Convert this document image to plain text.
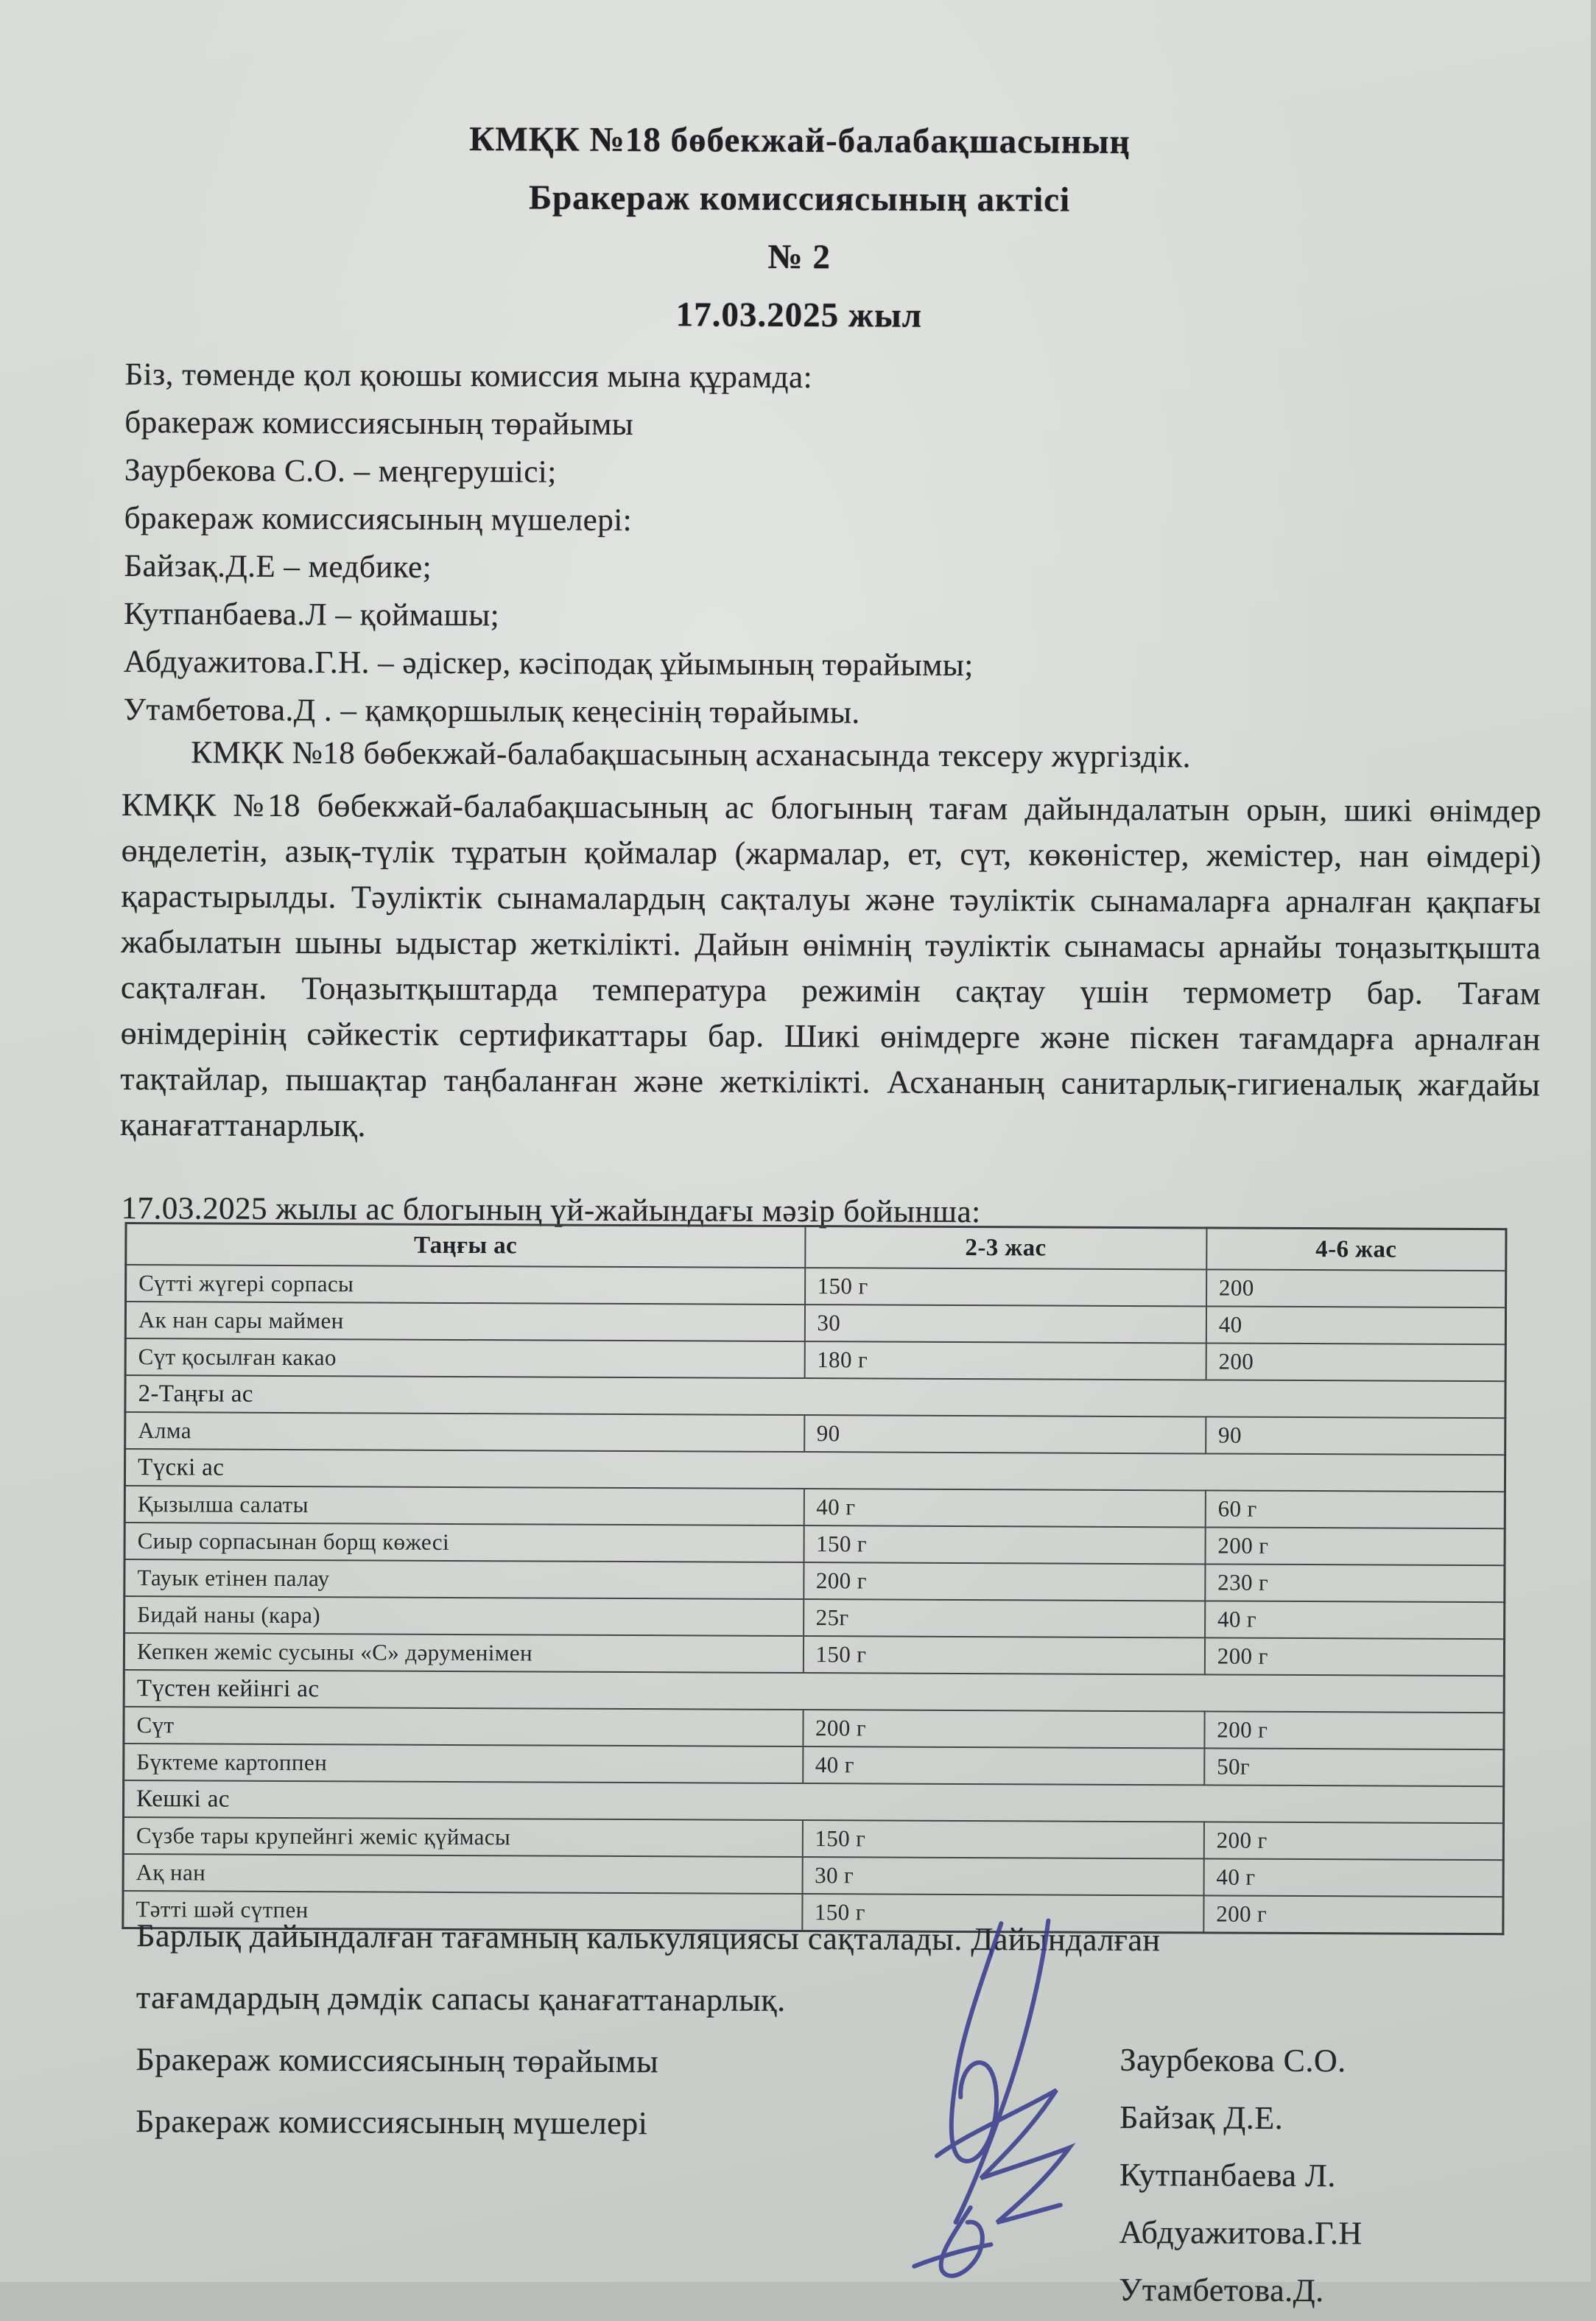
КМҚК №18 бөбекжай-балабақшасының
Бракераж комиссиясының актісі
№ 2
17.03.2025 жыл
Біз, төменде қол қоюшы комиссия мына құрамда:
бракераж комиссиясының төрайымы
Заурбекова С.О. – меңгерушісі;
бракераж комиссиясының мүшелері:
Байзақ.Д.Е – медбике;
Кутпанбаева.Л – қоймашы;
Абдуажитова.Г.Н. – әдіскер, кәсіподақ ұйымының төрайымы;
Утамбетова.Д . – қамқоршылық кеңесінің төрайымы.
КМҚК №18 бөбекжай-балабақшасының асханасында тексеру жүргіздік.

КМҚК №18 бөбекжай-балабақшасының ас блогының тағам дайындалатын орын, шикі өнімдер өңделетін, азық-түлік тұратын қоймалар (жармалар, ет, сүт, көкөністер, жемістер, нан өімдері) қарастырылды. Тәуліктік сынамалардың сақталуы және тәуліктік сынамаларға арналған қақпағы жабылатын шыны ыдыстар жеткілікті. Дайын өнімнің тәуліктік сынамасы арнайы тоңазытқышта сақталған. Тоңазытқыштарда температура режимін сақтау үшін термометр бар. Тағам өнімдерінің сәйкестік сертификаттары бар. Шикі өнімдерге және піскен тағамдарға арналған тақтайлар, пышақтар таңбаланған және жеткілікті. Асхананың санитарлық-гигиеналық жағдайы қанағаттанарлық.

17.03.2025 жылы ас блогының үй-жайындағы мәзір бойынша:
Таңғы ас	2-3 жас	4-6 жас
Сүтті жүгері сорпасы	150 г	200
Ак нан сары маймен	30	40
Сүт қосылған какао	180 г	200
2-Таңғы ас		
Алма	90	90
Түскі ас		
Қызылша салаты	40 г	60 г
Сиыр сорпасынан борщ көжесі	150 г	200 г
Тауык етінен палау	200 г	230 г
Бидай наны (кара)	25г	40 г
Кепкен жеміс сусыны «С» дәруменімен	150 г	200 г
Түстен кейінгі ас		
Сүт	200 г	200 г
Бүктеме картоппен	40 г	50г
Кешкі ас		
Сүзбе тары крупейнгі жеміс қүймасы	150 г	200 г
Ақ нан	30 г	40 г
Тәтті шәй сүтпен	150 г	200 г
Барлық дайындалған тағамның калькуляциясы сақталады. Дайындалған
тағамдардың дәмдік сапасы қанағаттанарлық.
Бракераж комиссиясының төрайымы
Бракераж комиссиясының мүшелері
Заурбекова С.О.
Байзақ Д.Е.
Кутпанбаева Л.
Абдуажитова.Г.Н
Утамбетова.Д.
